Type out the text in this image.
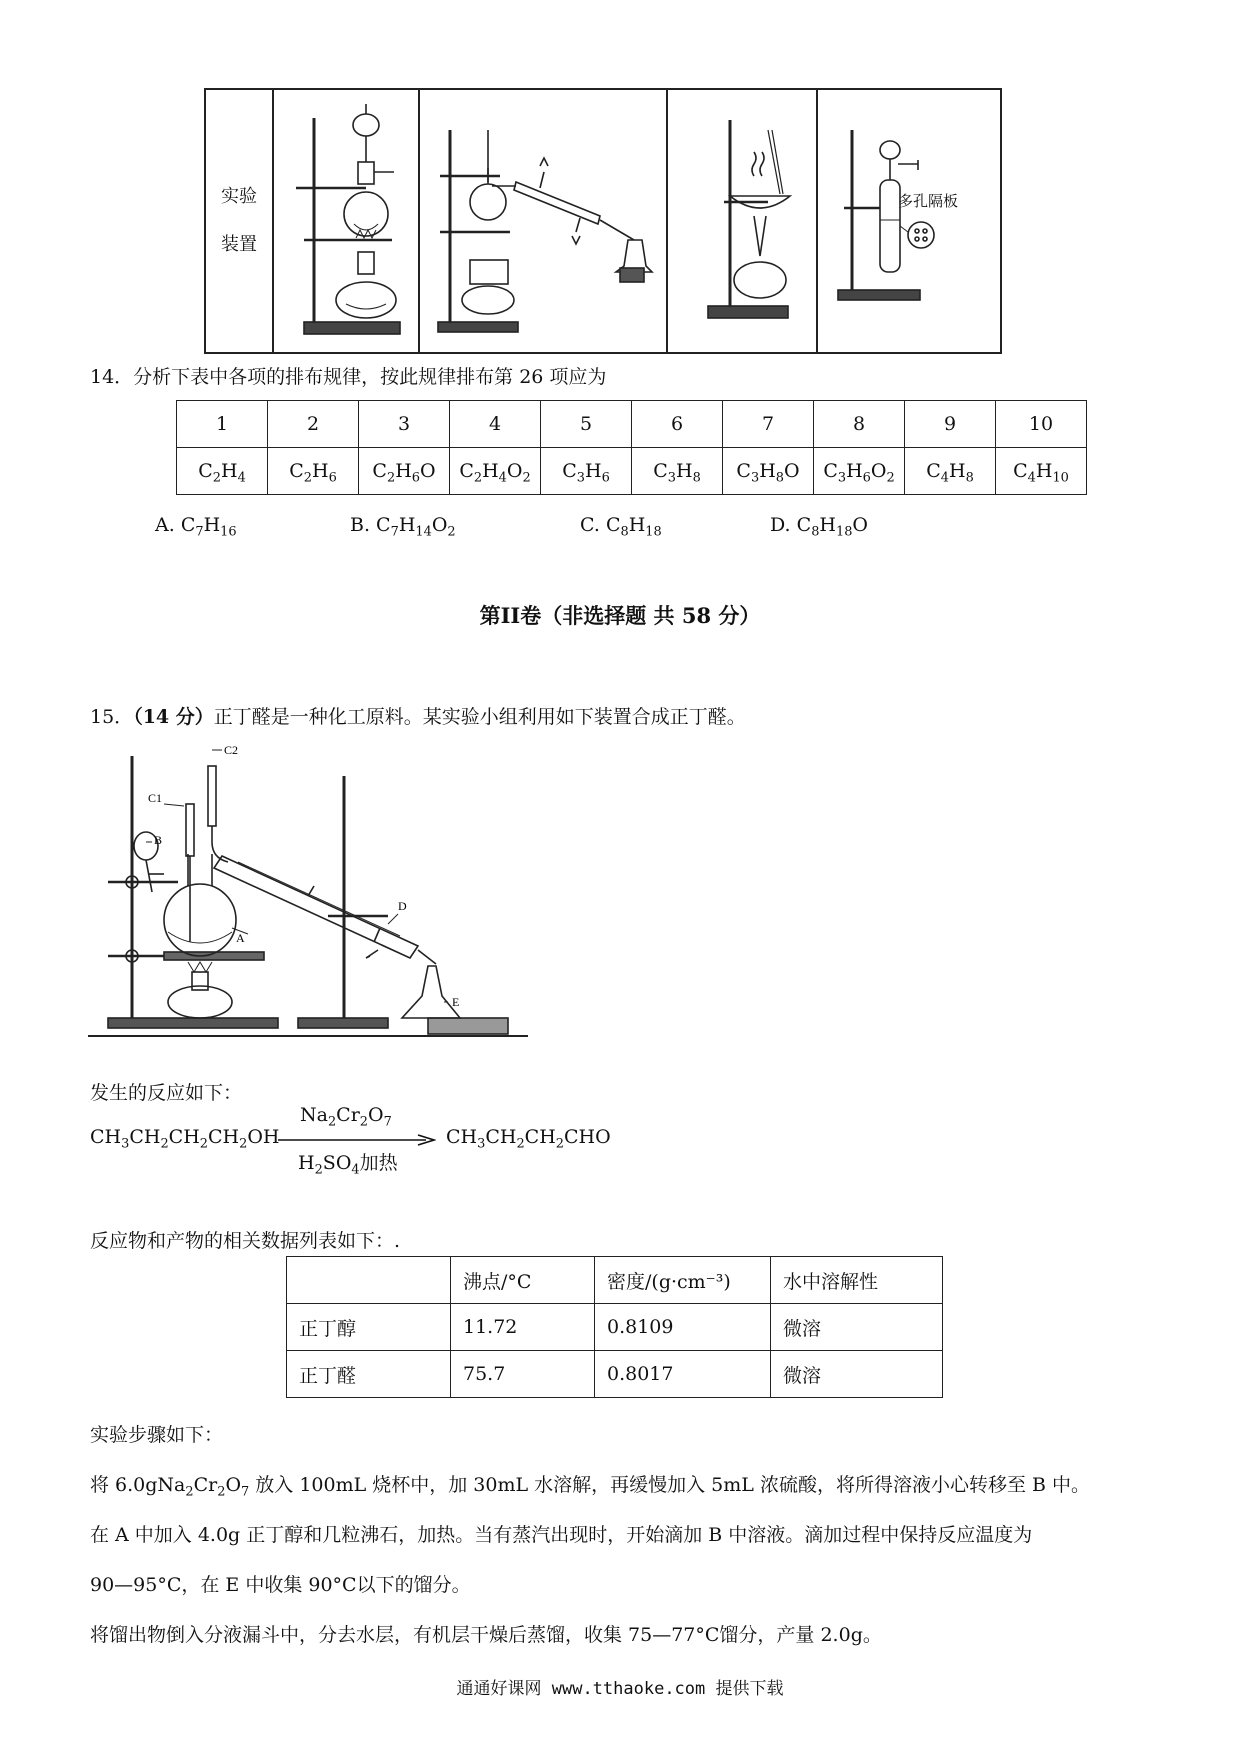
实验
装置

多孔隔板
14．分析下表中各项的排布规律，按此规律排布第 26 项应为
1	2	3	4	5	6	7	8	9	10
$C_2H_4$	$C_2H_6$	$C_2H_6O$	$C_2H_4O_2$	$C_3H_6$	$C_3H_8$	$C_3H_8O$	$C_3H_6O_2$	$C_4H_8$	$C_4H_{10}$
A. $C_7H_{16}$	B. $C_7H_{14}O_2$	C. $C_8H_{18}$	D. $C_8H_{18}O$
第II卷（非选择题 共 58 分）
15．（14 分）正丁醛是一种化工原料。某实验小组利用如下装置合成正丁醛。
C1
C2
B
A
D
E
发生的反应如下：
$CH_3CH_2CH_2CH_2OH$
$Na_2Cr_2O_7$
$H_2SO_4$加热
$CH_3CH_2CH_2CHO$
反应物和产物的相关数据列表如下：.
	沸点/°C	密度/(g·cm⁻³)	水中溶解性
正丁醇	11.72	0.8109	微溶
正丁醛	75.7	0.8017	微溶
实验步骤如下：
将 $6.0gNa_2Cr_2O_7$ 放入 100mL 烧杯中，加 30mL 水溶解，再缓慢加入 5mL 浓硫酸，将所得溶液小心转移至 B 中。
在 A 中加入 4.0g 正丁醇和几粒沸石，加热。当有蒸汽出现时，开始滴加 B 中溶液。滴加过程中保持反应温度为
90—95°C，在 E 中收集 90°C以下的馏分。
将馏出物倒入分液漏斗中，分去水层，有机层干燥后蒸馏，收集 75—77°C馏分，产量 2.0g。
通通好课网 www.tthaoke.com 提供下载
